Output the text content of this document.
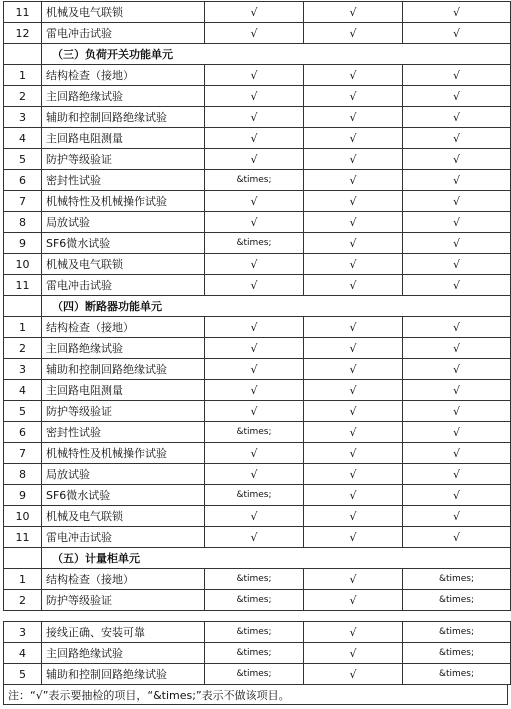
11	机械及电气联锁	√	√	√
12	雷电冲击试验	√	√	√
	（三）负荷开关功能单元			
1	结构检查（接地）	√	√	√
2	主回路绝缘试验	√	√	√
3	辅助和控制回路绝缘试验	√	√	√
4	主回路电阻测量	√	√	√
5	防护等级验证	√	√	√
6	密封性试验	&times;	√	√
7	机械特性及机械操作试验	√	√	√
8	局放试验	√	√	√
9	SF6微水试验	&times;	√	√
10	机械及电气联锁	√	√	√
11	雷电冲击试验	√	√	√
	（四）断路器功能单元			
1	结构检查（接地）	√	√	√
2	主回路绝缘试验	√	√	√
3	辅助和控制回路绝缘试验	√	√	√
4	主回路电阻测量	√	√	√
5	防护等级验证	√	√	√
6	密封性试验	&times;	√	√
7	机械特性及机械操作试验	√	√	√
8	局放试验	√	√	√
9	SF6微水试验	&times;	√	√
10	机械及电气联锁	√	√	√
11	雷电冲击试验	√	√	√
	（五）计量柜单元			
1	结构检查（接地）	&times;	√	&times;
2	防护等级验证	&times;	√	&times;
3	接线正确、安装可靠	&times;	√	&times;
4	主回路绝缘试验	&times;	√	&times;
5	辅助和控制回路绝缘试验	&times;	√	&times;
注：“√”表示要抽检的项目，“&times;”表示不做该项目。
